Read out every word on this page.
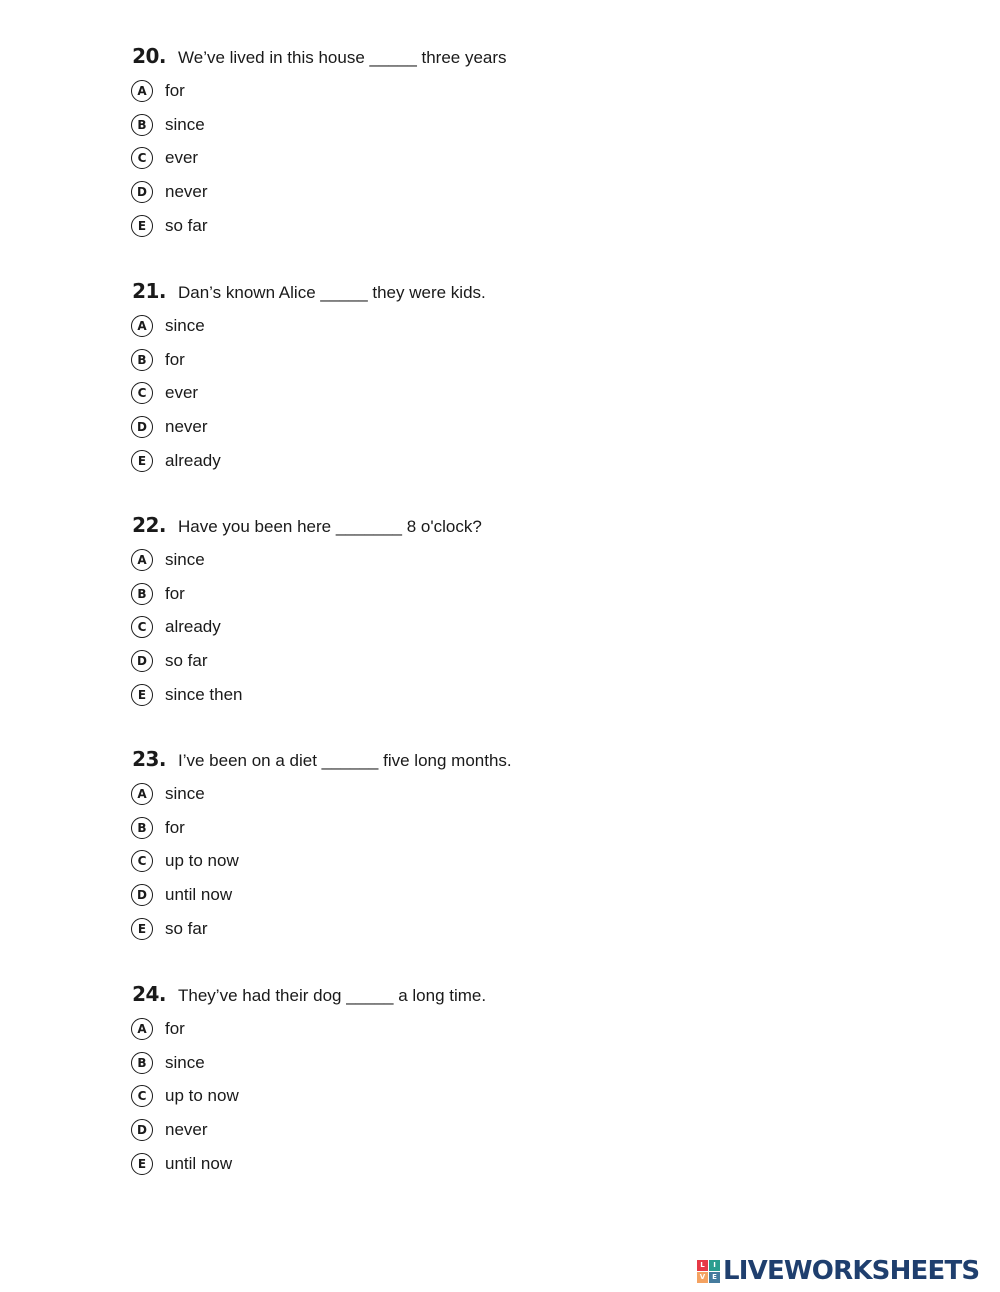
20. We’ve lived in this house _____ three years
A	for
B	since
C	ever
D	never
E	so far
21. Dan’s known Alice _____ they were kids.
A	since
B	for
C	ever
D	never
E	already
22. Have you been here _______ 8 o'clock?
A	since
B	for
C	already
D	so far
E	since then
23. I’ve been on a diet ______ five long months.
A	since
B	for
C	up to now
D	until now
E	so far
24. They’ve had their dog _____ a long time.
A	for
B	since
C	up to now
D	never
E	until now
L	I
V E LIVEWORKSHEETS
